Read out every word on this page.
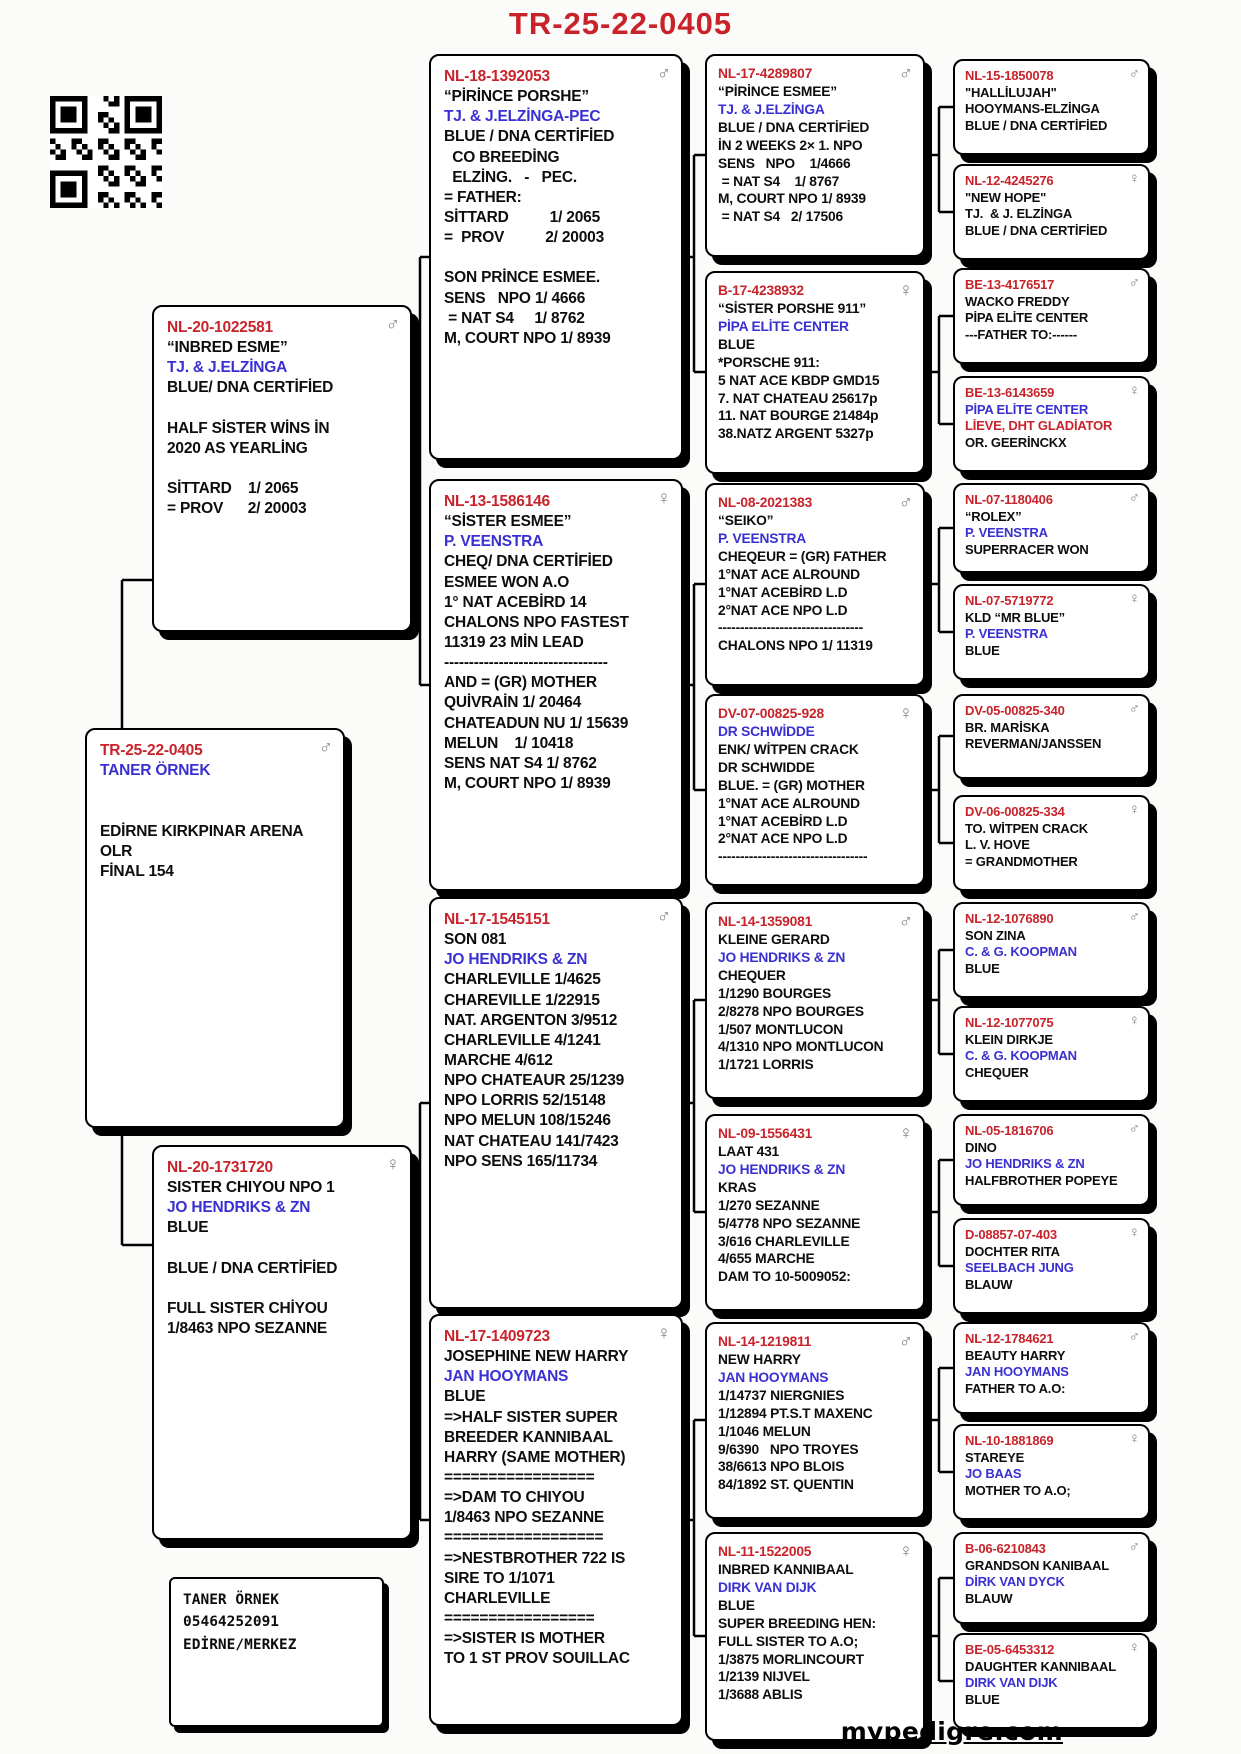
TR-25-22-0405
♂
TR-25-22-0405
TANER ÖRNEK

EDİRNE KIRKPINAR ARENA
OLR
FİNAL 154
♂
NL-20-1022581
“INBRED ESME”
TJ. & J.ELZİNGA
BLUE/ DNA CERTİFİED

HALF SİSTER WİNS İN
2020 AS YEARLİNG

SİTTARD    1/ 2065
= PROV      2/ 20003
♀
NL-20-1731720
SISTER CHIYOU NPO 1
JO HENDRIKS & ZN
BLUE

BLUE / DNA CERTİFİED

FULL SISTER CHİYOU
1/8463 NPO SEZANNE
♂
NL-18-1392053
“PİRİNCE PORSHE”
TJ. & J.ELZİNGA-PEC
BLUE / DNA CERTİFİED
CO BREEDİNG
ELZİNG.   -   PEC.
= FATHER:
SİTTARD          1/ 2065
=  PROV          2/ 20003

SON PRİNCE ESMEE.
SENS   NPO 1/ 4666
= NAT S4     1/ 8762
M, COURT NPO 1/ 8939
♀
NL-13-1586146
“SİSTER ESMEE”
P. VEENSTRA
CHEQ/ DNA CERTİFİED
ESMEE WON A.O
1° NAT ACEBİRD 14
CHALONS NPO FASTEST
11319 23 MİN LEAD
---------------------------------
AND = (GR) MOTHER
QUİVRAİN 1/ 20464
CHATEADUN NU 1/ 15639
MELUN    1/ 10418
SENS NAT S4 1/ 8762
M, COURT NPO 1/ 8939
♂
NL-17-1545151
SON 081
JO HENDRIKS & ZN
CHARLEVILLE 1/4625
CHAREVILLE 1/22915
NAT. ARGENTON 3/9512
CHARLEVILLE 4/1241
MARCHE 4/612
NPO CHATEAUR 25/1239
NPO LORRIS 52/15148
NPO MELUN 108/15246
NAT CHATEAU 141/7423
NPO SENS 165/11734
♀
NL-17-1409723
JOSEPHINE NEW HARRY
JAN HOOYMANS
BLUE
=>HALF SISTER SUPER
BREEDER KANNIBAAL
HARRY (SAME MOTHER)
=================
=>DAM TO CHIYOU
1/8463 NPO SEZANNE
==================
=>NESTBROTHER 722 IS
SIRE TO 1/1071
CHARLEVILLE
=================
=>SISTER IS MOTHER
TO 1 ST PROV SOUILLAC
♂
NL-17-4289807
“PİRİNCE ESMEE”
TJ. & J.ELZİNGA
BLUE / DNA CERTİFİED
İN 2 WEEKS 2× 1. NPO
SENS   NPO    1/4666
= NAT S4    1/ 8767
M, COURT NPO 1/ 8939
= NAT S4   2/ 17506
♀
B-17-4238932
“SİSTER PORSHE 911”
PİPA ELİTE CENTER
BLUE
*PORSCHE 911:
5 NAT ACE KBDP GMD15
7. NAT CHATEAU 25617p
11. NAT BOURGE 21484p
38.NATZ ARGENT 5327p
♂
NL-08-2021383
“SEIKO”
P. VEENSTRA
CHEQEUR = (GR) FATHER
1°NAT ACE ALROUND
1°NAT ACEBİRD L.D
2°NAT ACE NPO L.D
---------------------------------
CHALONS NPO 1/ 11319
♀
DV-07-00825-928
DR SCHWİDDE
ENK/ WİTPEN CRACK
DR SCHWIDDE
BLUE. = (GR) MOTHER
1°NAT ACE ALROUND
1°NAT ACEBİRD L.D
2°NAT ACE NPO L.D
----------------------------------
♂
NL-14-1359081
KLEINE GERARD
JO HENDRIKS & ZN
CHEQUER
1/1290 BOURGES
2/8278 NPO BOURGES
1/507 MONTLUCON
4/1310 NPO MONTLUCON
1/1721 LORRIS
♀
NL-09-1556431
LAAT 431
JO HENDRIKS & ZN
KRAS
1/270 SEZANNE
5/4778 NPO SEZANNE
3/616 CHARLEVILLE
4/655 MARCHE
DAM TO 10-5009052:
♂
NL-14-1219811
NEW HARRY
JAN HOOYMANS
1/14737 NIERGNIES
1/12894 PT.S.T MAXENC
1/1046 MELUN
9/6390   NPO TROYES
38/6613 NPO BLOIS
84/1892 ST. QUENTIN
♀
NL-11-1522005
INBRED KANNIBAAL
DIRK VAN DIJK
BLUE
SUPER BREEDING HEN:
FULL SISTER TO A.O;
1/3875 MORLINCOURT
1/2139 NIJVEL
1/3688 ABLIS
♂
NL-15-1850078
"HALLİLUJAH"
HOOYMANS-ELZİNGA
BLUE / DNA CERTİFİED
♀
NL-12-4245276
"NEW HOPE"
TJ.  & J. ELZİNGA
BLUE / DNA CERTİFİED
♂
BE-13-4176517
WACKO FREDDY
PİPA ELİTE CENTER
---FATHER TO:------
♀
BE-13-6143659
PİPA ELİTE CENTER
LİEVE, DHT GLADİATOR
OR. GEERİNCKX
♂
NL-07-1180406
“ROLEX”
P. VEENSTRA
SUPERRACER WON
♀
NL-07-5719772
KLD “MR BLUE”
P. VEENSTRA
BLUE
♂
DV-05-00825-340
BR. MARİSKA
REVERMAN/JANSSEN
♀
DV-06-00825-334
TO. WİTPEN CRACK
L. V. HOVE
= GRANDMOTHER
♂
NL-12-1076890
SON ZINA
C. & G. KOOPMAN
BLUE
♀
NL-12-1077075
KLEIN DIRKJE
C. & G. KOOPMAN
CHEQUER
♂
NL-05-1816706
DINO
JO HENDRIKS & ZN
HALFBROTHER POPEYE
♀
D-08857-07-403
DOCHTER RITA
SEELBACH JUNG
BLAUW
♂
NL-12-1784621
BEAUTY HARRY
JAN HOOYMANS
FATHER TO A.O:
♀
NL-10-1881869
STAREYE
JO BAAS
MOTHER TO A.O;
♂
B-06-6210843
GRANDSON KANIBAAL
DİRK VAN DYCK
BLAUW
♀
BE-05-6453312
DAUGHTER KANNIBAAL
DIRK VAN DIJK
BLUE
TANER ÖRNEK
05464252091
EDİRNE/MERKEZ
mypedigre.com
